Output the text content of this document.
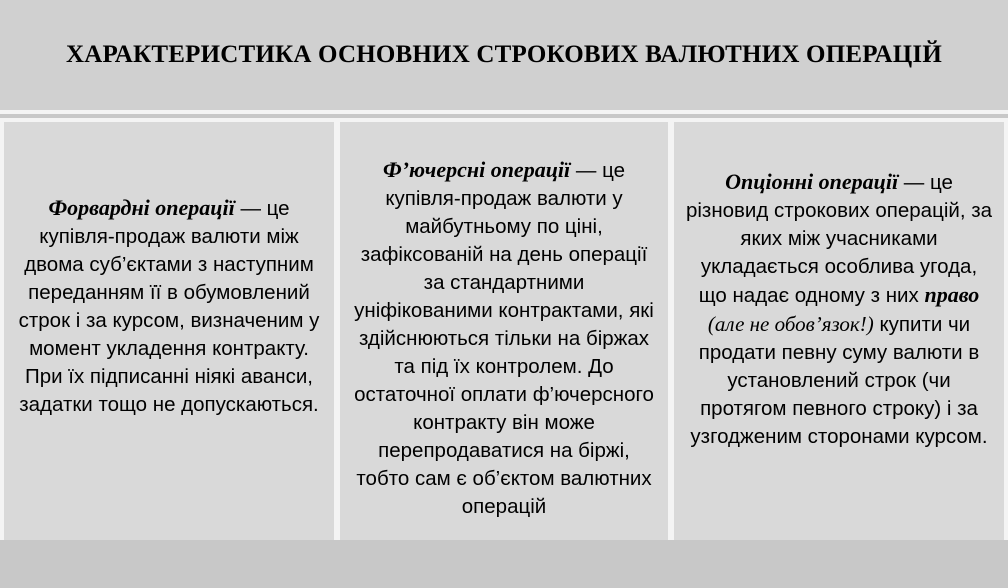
ХАРАКТЕРИСТИКА ОСНОВНИХ СТРОКОВИХ ВАЛЮТНИХ ОПЕРАЦІЙ
Форвардні операції — це купівля-продаж валюти між двома суб’єктами з наступним переданням її в обумовлений строк і за курсом, визначеним у момент укладення контракту. При їх підписанні ніякі аванси, задатки тощо не допускаються.
Ф’ючерсні операції — це купівля-продаж валюти у майбутньому по ціні, зафіксованій на день операції за стандартними уніфікованими контрактами, які здійснюються тільки на біржах та під їх контролем. До остаточної оплати ф’ючерсного контракту він може перепродаватися на біржі, тобто сам є об’єктом валютних операцій
Опціонні операції — це різновид строкових операцій, за яких між учасниками укладається особлива угода, що надає одному з них право (але не обов’язок!) купити чи продати певну суму валюти в установлений строк (чи протягом певного строку) і за узгодженим сторонами курсом.
